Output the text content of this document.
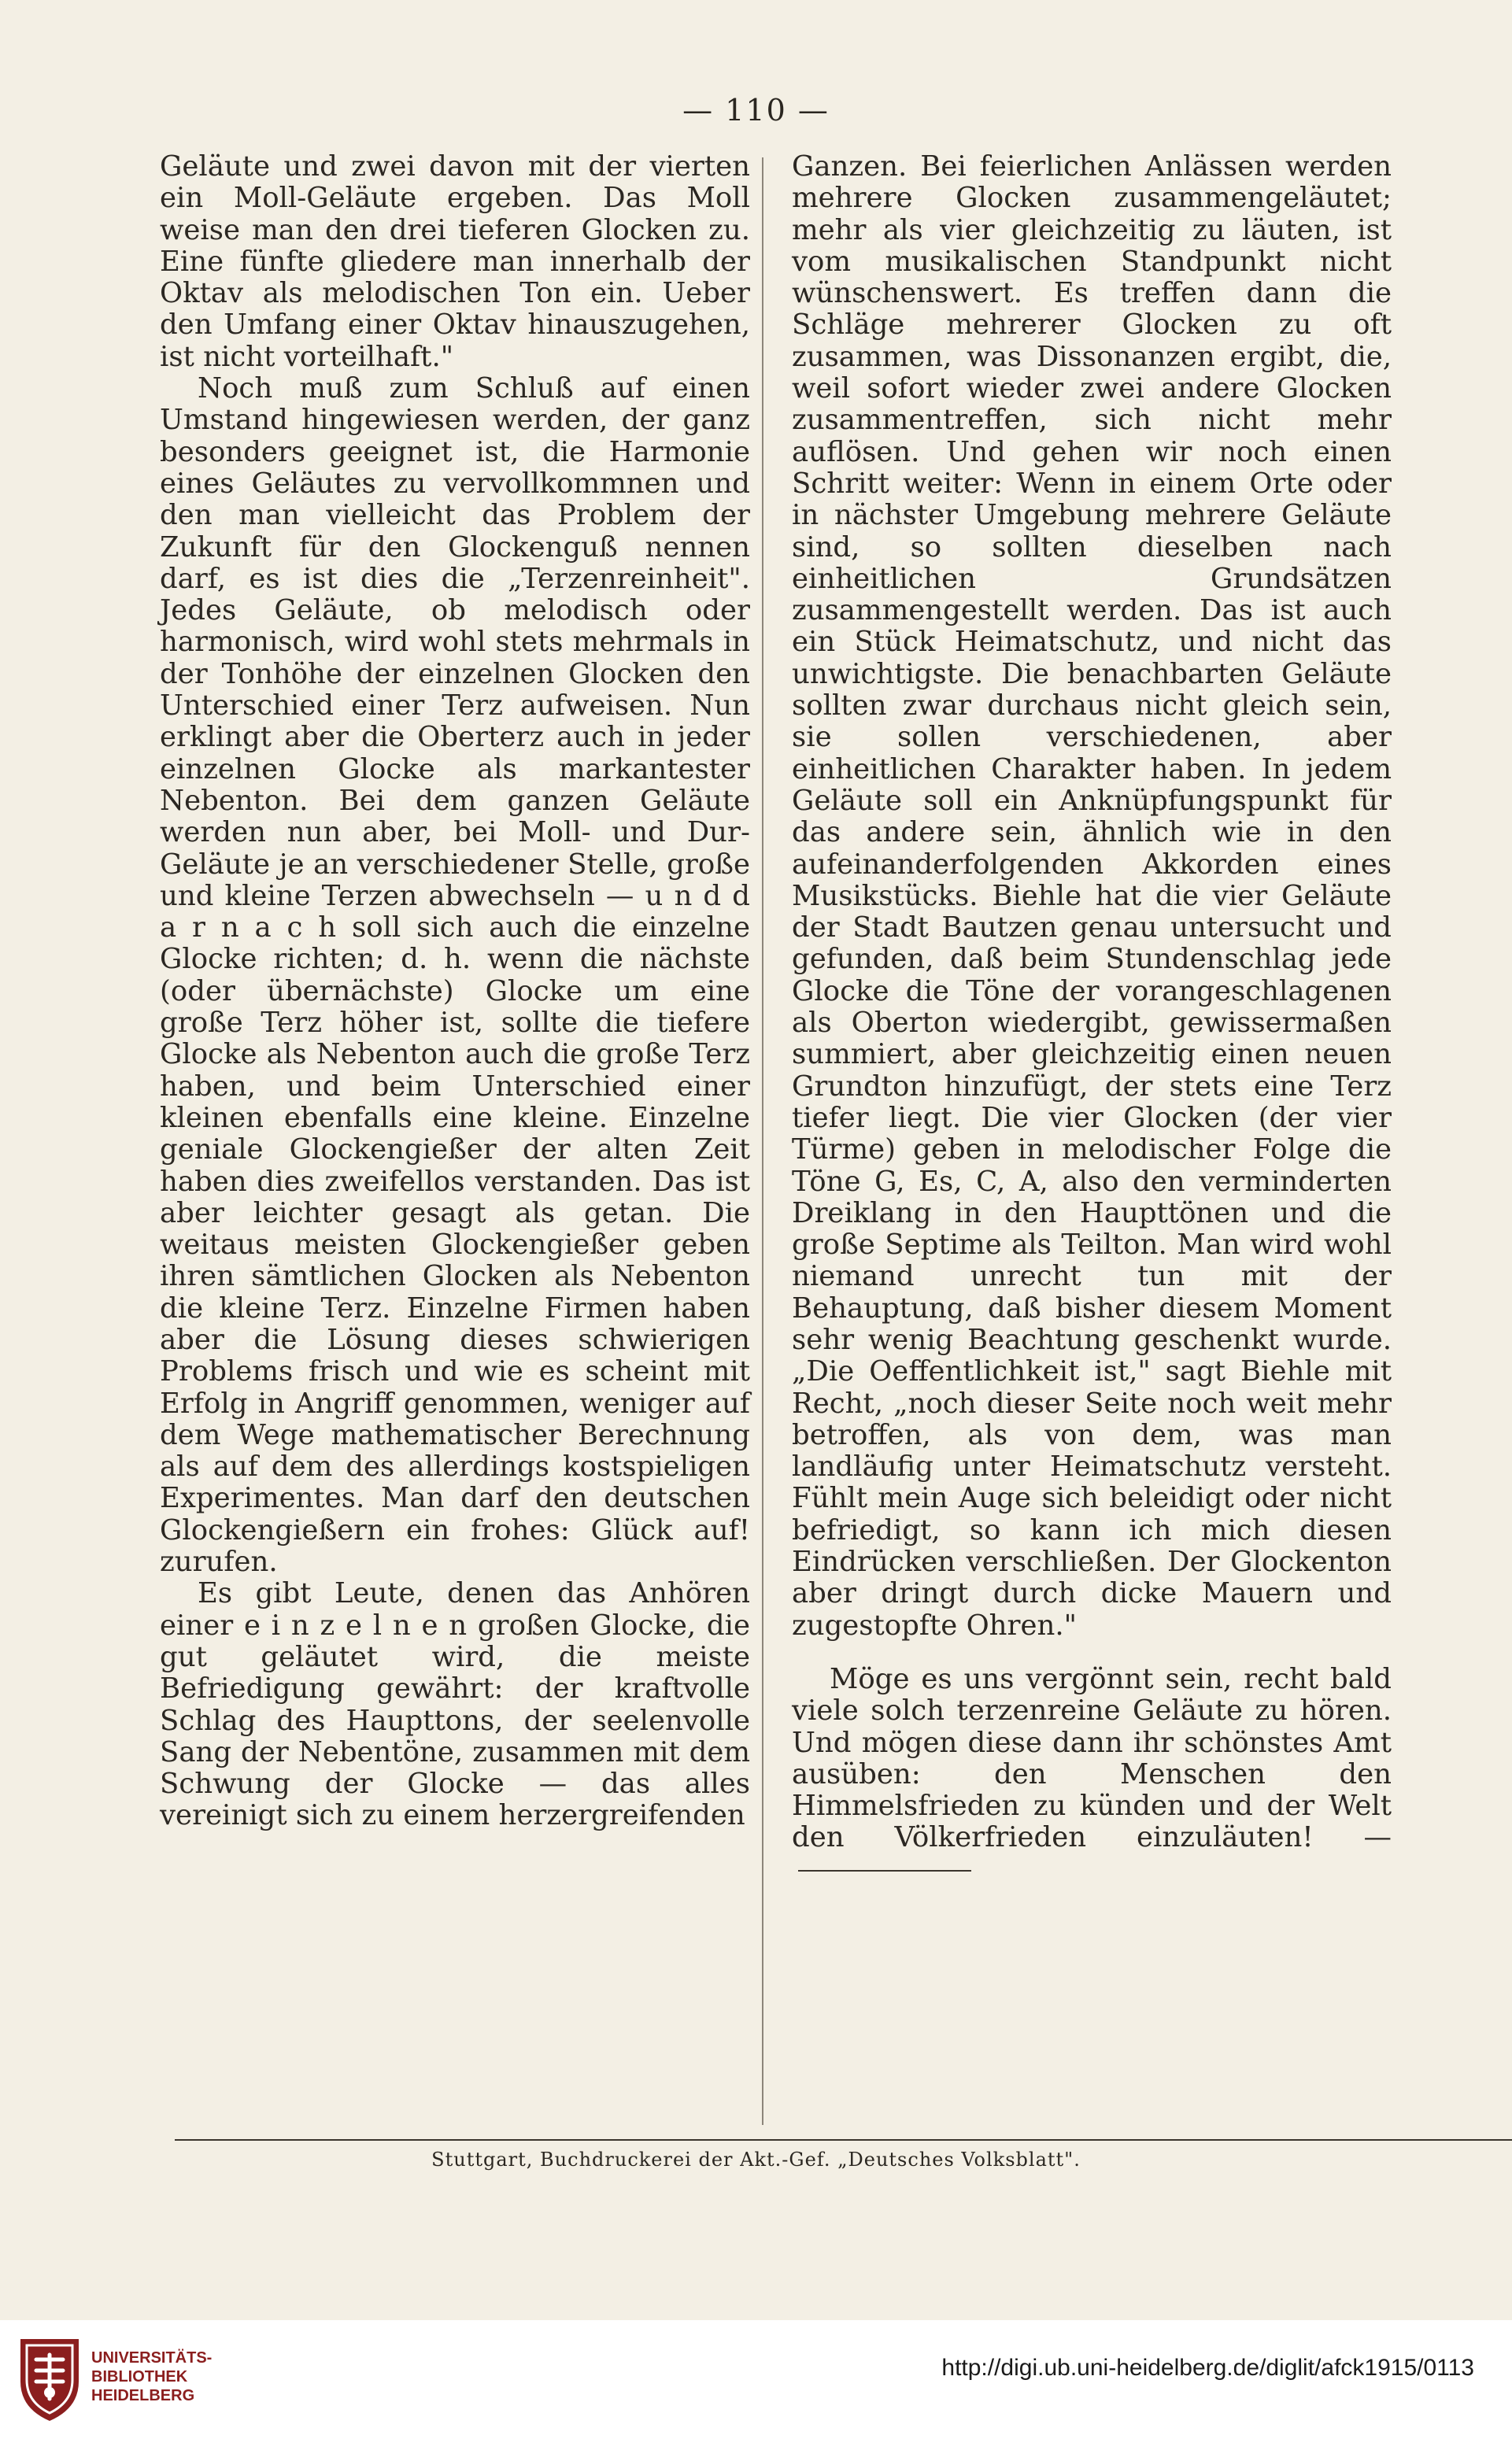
— 110 —

Geläute und zwei davon mit der vierten ein Moll-Geläute ergeben. Das Moll weise man den drei tieferen Glocken zu. Eine fünfte gliedere man innerhalb der Oktav als melodischen Ton ein. Ueber den Umfang einer Oktav hinauszugehen, ist nicht vorteilhaft."

Noch muß zum Schluß auf einen Umstand hingewiesen werden, der ganz besonders geeignet ist, die Harmonie eines Geläutes zu vervollkommnen und den man vielleicht das Problem der Zukunft für den Glockenguß nennen darf, es ist dies die „Terzenreinheit". Jedes Geläute, ob melodisch oder harmonisch, wird wohl stets mehrmals in der Tonhöhe der einzelnen Glocken den Unterschied einer Terz aufweisen. Nun erklingt aber die Oberterz auch in jeder einzelnen Glocke als markantester Nebenton. Bei dem ganzen Geläute werden nun aber, bei Moll- und Dur-Geläute je an verschiedener Stelle, große und kleine Terzen abwechseln — u n d d a r n a c h soll sich auch die einzelne Glocke richten; d. h. wenn die nächste (oder übernächste) Glocke um eine große Terz höher ist, sollte die tiefere Glocke als Nebenton auch die große Terz haben, und beim Unterschied einer kleinen ebenfalls eine kleine. Einzelne geniale Glockengießer der alten Zeit haben dies zweifellos verstanden. Das ist aber leichter gesagt als getan. Die weitaus meisten Glockengießer geben ihren sämtlichen Glocken als Nebenton die kleine Terz. Einzelne Firmen haben aber die Lösung dieses schwierigen Problems frisch und wie es scheint mit Erfolg in Angriff genommen, weniger auf dem Wege mathematischer Berechnung als auf dem des allerdings kostspieligen Experimentes. Man darf den deutschen Glockengießern ein frohes: Glück auf! zurufen.

Es gibt Leute, denen das Anhören einer e i n z e l n e n großen Glocke, die gut geläutet wird, die meiste Befriedigung gewährt: der kraftvolle Schlag des Haupttons, der seelenvolle Sang der Nebentöne, zusammen mit dem Schwung der Glocke — das alles vereinigt sich zu einem herzergreifenden

Ganzen. Bei feierlichen Anlässen werden mehrere Glocken zusammengeläutet; mehr als vier gleichzeitig zu läuten, ist vom musikalischen Standpunkt nicht wünschenswert. Es treffen dann die Schläge mehrerer Glocken zu oft zusammen, was Dissonanzen ergibt, die, weil sofort wieder zwei andere Glocken zusammentreffen, sich nicht mehr auflösen. Und gehen wir noch einen Schritt weiter: Wenn in einem Orte oder in nächster Umgebung mehrere Geläute sind, so sollten dieselben nach einheitlichen Grundsätzen zusammengestellt werden. Das ist auch ein Stück Heimatschutz, und nicht das unwichtigste. Die benachbarten Geläute sollten zwar durchaus nicht gleich sein, sie sollen verschiedenen, aber einheitlichen Charakter haben. In jedem Geläute soll ein Anknüpfungspunkt für das andere sein, ähnlich wie in den aufeinanderfolgenden Akkorden eines Musikstücks. Biehle hat die vier Geläute der Stadt Bautzen genau untersucht und gefunden, daß beim Stundenschlag jede Glocke die Töne der vorangeschlagenen als Oberton wiedergibt, gewissermaßen summiert, aber gleichzeitig einen neuen Grundton hinzufügt, der stets eine Terz tiefer liegt. Die vier Glocken (der vier Türme) geben in melodischer Folge die Töne G, Es, C, A, also den verminderten Dreiklang in den Haupttönen und die große Septime als Teilton. Man wird wohl niemand unrecht tun mit der Behauptung, daß bisher diesem Moment sehr wenig Beachtung geschenkt wurde. „Die Oeffentlichkeit ist," sagt Biehle mit Recht, „noch dieser Seite noch weit mehr betroffen, als von dem, was man landläufig unter Heimatschutz versteht. Fühlt mein Auge sich beleidigt oder nicht befriedigt, so kann ich mich diesen Eindrücken verschließen. Der Glockenton aber dringt durch dicke Mauern und zugestopfte Ohren."

Möge es uns vergönnt sein, recht bald viele solch terzenreine Geläute zu hören. Und mögen diese dann ihr schönstes Amt ausüben: den Menschen den Himmelsfrieden zu künden und der Welt den Völkerfrieden einzuläuten! —

Stuttgart, Buchdruckerei der Akt.-Gef. „Deutsches Volksblatt".
UNIVERSITÄTS-
BIBLIOTHEK
HEIDELBERG
http://digi.ub.uni-heidelberg.de/diglit/afck1915/0113
